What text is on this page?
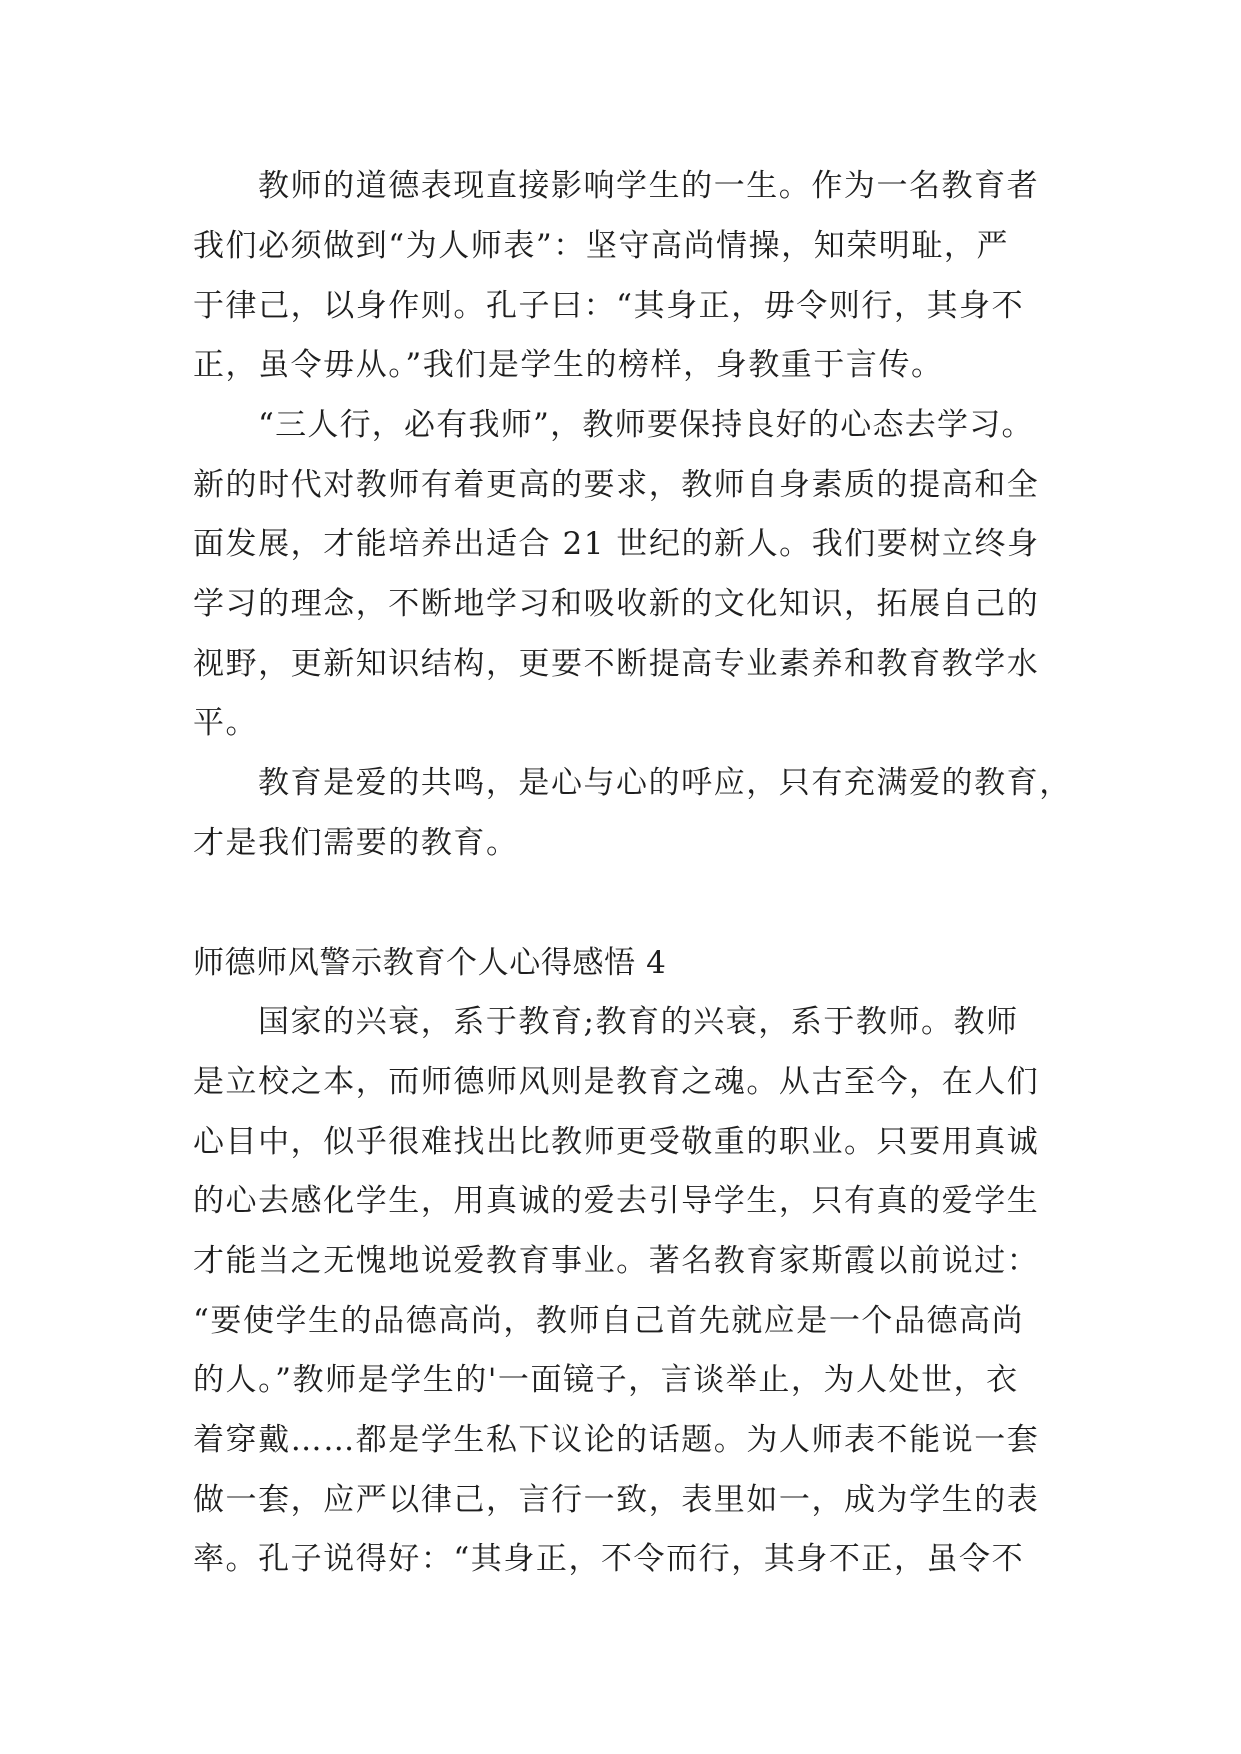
教师的道德表现直接影响学生的一生。作为一名教育者
我们必须做到“为人师表”：坚守高尚情操，知荣明耻，严
于律己，以身作则。孔子曰：“其身正，毋令则行，其身不
正，虽令毋从。”我们是学生的榜样，身教重于言传。
“三人行，必有我师”，教师要保持良好的心态去学习。
新的时代对教师有着更高的要求，教师自身素质的提高和全
面发展，才能培养出适合 21 世纪的新人。我们要树立终身
学习的理念，不断地学习和吸收新的文化知识，拓展自己的
视野，更新知识结构，更要不断提高专业素养和教育教学水
平。
教育是爱的共鸣，是心与心的呼应，只有充满爱的教育，
才是我们需要的教育。
师德师风警示教育个人心得感悟 4
国家的兴衰，系于教育;教育的兴衰，系于教师。教师
是立校之本，而师德师风则是教育之魂。从古至今，在人们
心目中，似乎很难找出比教师更受敬重的职业。只要用真诚
的心去感化学生，用真诚的爱去引导学生，只有真的爱学生
才能当之无愧地说爱教育事业。著名教育家斯霞以前说过：
“要使学生的品德高尚，教师自己首先就应是一个品德高尚
的人。”教师是学生的'一面镜子，言谈举止，为人处世，衣
着穿戴……都是学生私下议论的话题。为人师表不能说一套
做一套，应严以律己，言行一致，表里如一，成为学生的表
率。孔子说得好：“其身正，不令而行，其身不正，虽令不
